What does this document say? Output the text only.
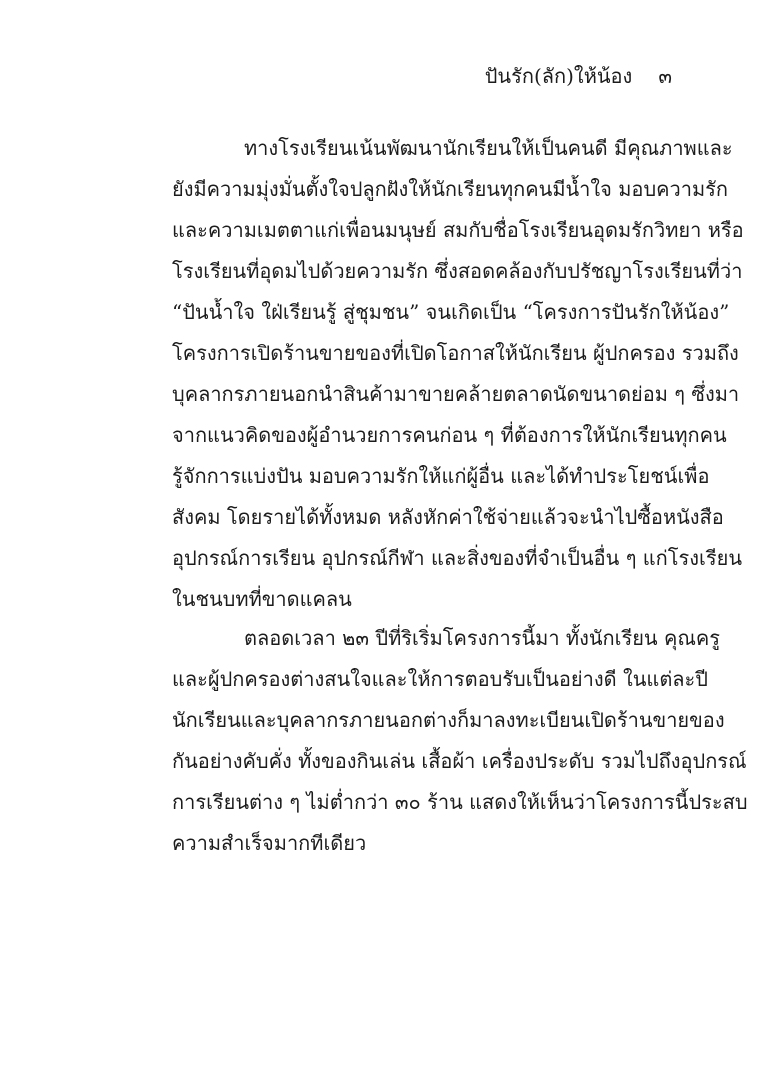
ปันรัก(ลัก)ให้น้อง ๓
ทางโรงเรียนเน้นพัฒนานักเรียนให้เป็นคนดี มีคุณภาพและ
ยังมีความมุ่งมั่นตั้งใจปลูกฝังให้นักเรียนทุกคนมีน้ำใจ มอบความรัก
และความเมตตาแก่เพื่อนมนุษย์ สมกับชื่อโรงเรียนอุดมรักวิทยา หรือ
โรงเรียนที่อุดมไปด้วยความรัก ซึ่งสอดคล้องกับปรัชญาโรงเรียนที่ว่า
“ปันน้ำใจ ใฝ่เรียนรู้ สู่ชุมชน” จนเกิดเป็น “โครงการปันรักให้น้อง”
โครงการเปิดร้านขายของที่เปิดโอกาสให้นักเรียน ผู้ปกครอง รวมถึง
บุคลากรภายนอกนำสินค้ามาขายคล้ายตลาดนัดขนาดย่อม ๆ ซึ่งมา
จากแนวคิดของผู้อำนวยการคนก่อน ๆ ที่ต้องการให้นักเรียนทุกคน
รู้จักการแบ่งปัน มอบความรักให้แก่ผู้อื่น และได้ทำประโยชน์เพื่อ
สังคม โดยรายได้ทั้งหมด หลังหักค่าใช้จ่ายแล้วจะนำไปซื้อหนังสือ
อุปกรณ์การเรียน อุปกรณ์กีฬา และสิ่งของที่จำเป็นอื่น ๆ แก่โรงเรียน
ในชนบทที่ขาดแคลน
ตลอดเวลา ๒๓ ปีที่ริเริ่มโครงการนี้มา ทั้งนักเรียน คุณครู
และผู้ปกครองต่างสนใจและให้การตอบรับเป็นอย่างดี ในแต่ละปี
นักเรียนและบุคลากรภายนอกต่างก็มาลงทะเบียนเปิดร้านขายของ
กันอย่างคับคั่ง ทั้งของกินเล่น เสื้อผ้า เครื่องประดับ รวมไปถึงอุปกรณ์
การเรียนต่าง ๆ ไม่ต่ำกว่า ๓๐ ร้าน แสดงให้เห็นว่าโครงการนี้ประสบ
ความสำเร็จมากทีเดียว
